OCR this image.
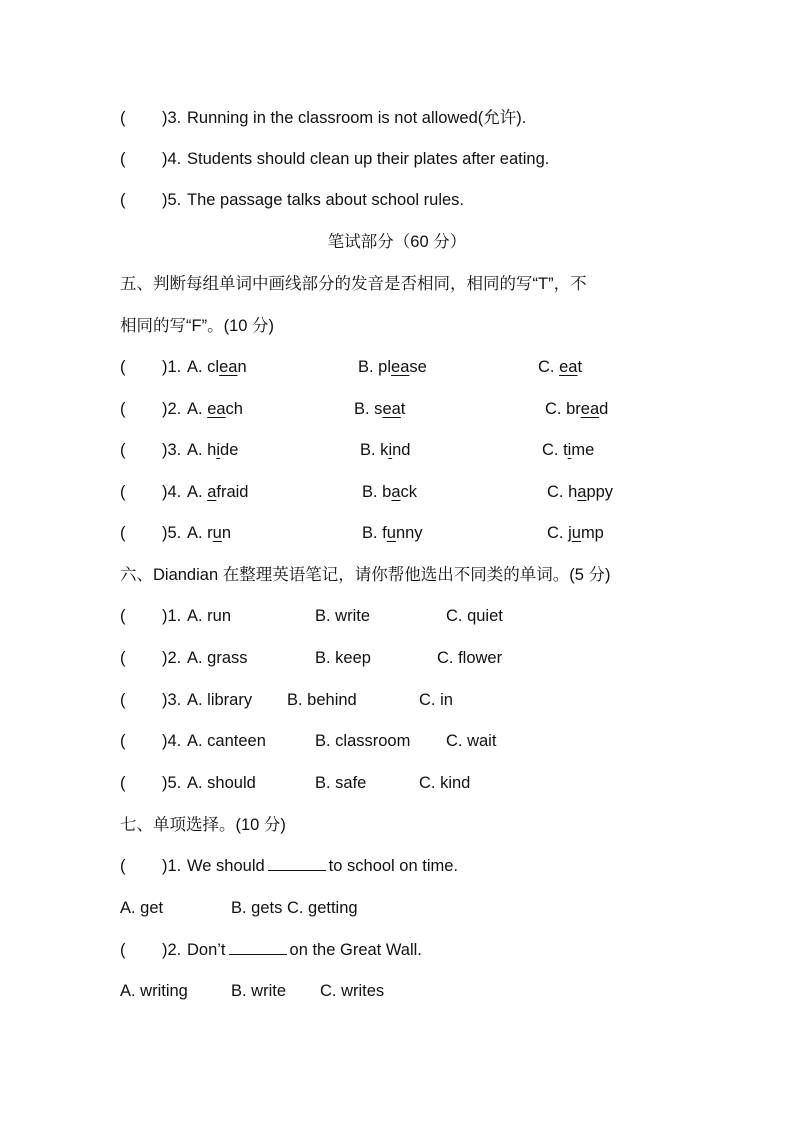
( )3. Running in the classroom is not allowed(允许).
( )4. Students should clean up their plates after eating.
( )5. The passage talks about school rules.
笔试部分（60 分）
五、判断每组单词中画线部分的发音是否相同，相同的写“T”，不
相同的写“F”。(10 分)
( )1. A. clean	B. please	C. eat
( )2. A. each	B. seat	C. bread
( )3. A. hide	B. kind	C. time
( )4. A. afraid	B. back	C. happy
( )5. A. run	B. funny	C. jump
六、Diandian 在整理英语笔记，请你帮他选出不同类的单词。(5 分)
( )1. A. run	B. write	C. quiet
( )2. A. grass	B. keep	C. flower
( )3. A. library B. behind	C. in
( )4. A. canteen	B. classroom C. wait
( )5. A. should	B. safe	C. kind
七、单项选择。(10 分)
( )1. We should	to school on time.
A. get	B. gets C. getting
( )2. Don’t	on the Great Wall.
A. writing	B. write C. writes
